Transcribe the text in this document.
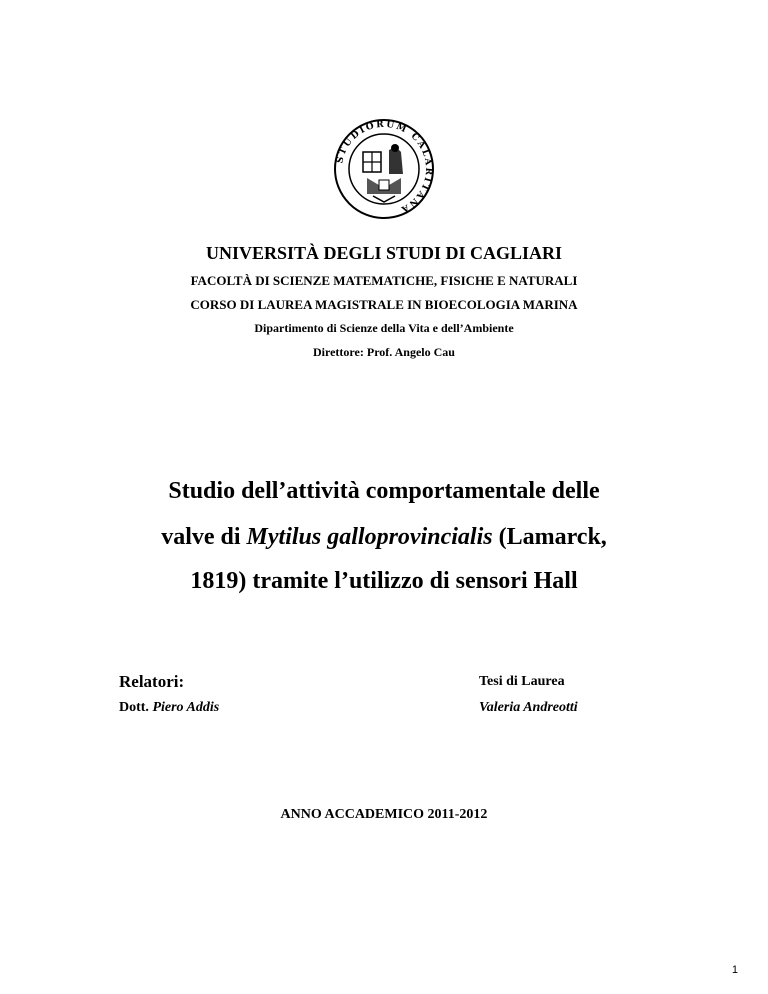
STUDIORUM CALARITANA
UNIVERSITÀ DEGLI STUDI DI CAGLIARI
FACOLTÀ DI SCIENZE MATEMATICHE, FISICHE E NATURALI
CORSO DI LAUREA MAGISTRALE IN BIOECOLOGIA MARINA
Dipartimento di Scienze della Vita e dell’Ambiente
Direttore: Prof. Angelo Cau
Studio dell’attività comportamentale delle
valve di Mytilus galloprovincialis (Lamarck,
1819) tramite l’utilizzo di sensori Hall
Relatori:
Dott. Piero Addis
Tesi di Laurea
Valeria Andreotti
ANNO ACCADEMICO 2011-2012
1
